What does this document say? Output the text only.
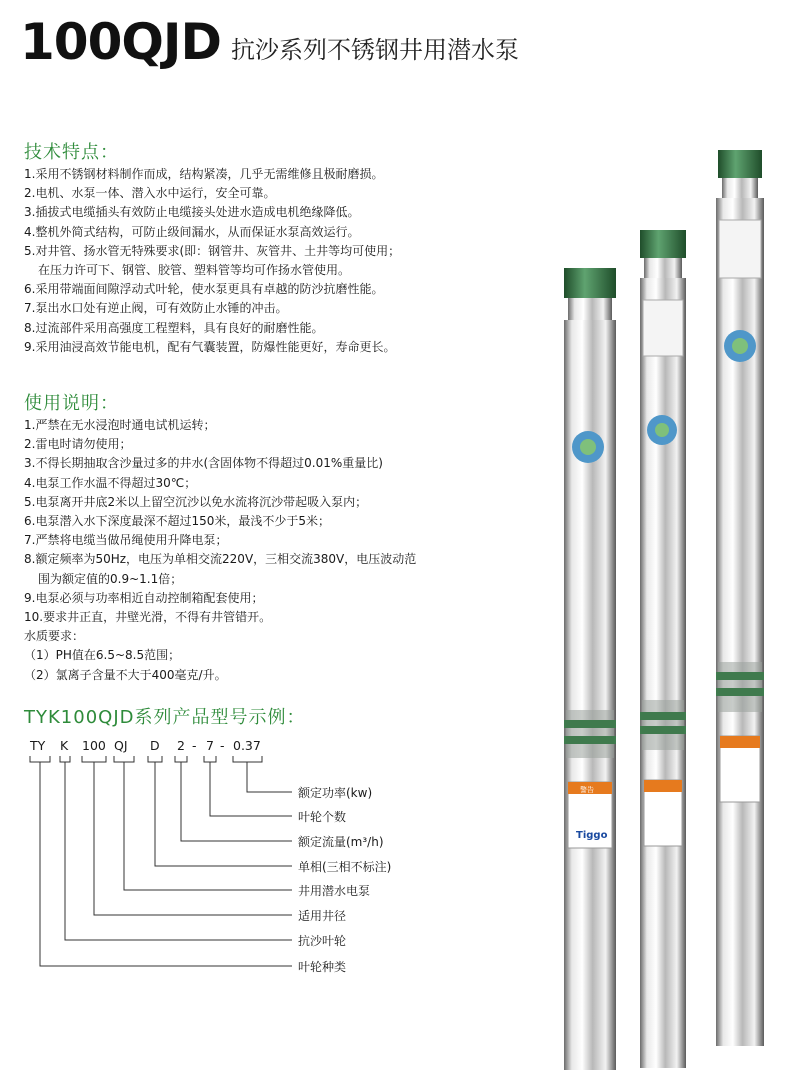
100QJD 抗沙系列不锈钢井用潜水泵
技术特点：
1.采用不锈钢材料制作而成，结构紧凑，几乎无需维修且极耐磨损。
2.电机、水泵一体、潜入水中运行，安全可靠。
3.插拔式电缆插头有效防止电缆接头处进水造成电机绝缘降低。
4.整机外简式结构，可防止级间漏水，从而保证水泵高效运行。
5.对井管、扬水管无特殊要求(即：钢管井、灰管井、土井等均可使用；
在压力许可下、钢管、胶管、塑料管等均可作扬水管使用。
6.采用带端面间隙浮动式叶轮，使水泵更具有卓越的防沙抗磨性能。
7.泵出水口处有逆止阀，可有效防止水锤的冲击。
8.过流部件采用高强度工程塑料，具有良好的耐磨性能。
9.采用油浸高效节能电机，配有气囊装置，防爆性能更好，寿命更长。
使用说明：
1.严禁在无水浸泡时通电试机运转；
2.雷电时请勿使用；
3.不得长期抽取含沙量过多的井水(含固体物不得超过0.01%重量比)
4.电泵工作水温不得超过30℃；
5.电泵离开井底2米以上留空沉沙以免水流将沉沙带起吸入泵内；
6.电泵潜入水下深度最深不超过150米，最浅不少于5米；
7.严禁将电缆当做吊绳使用升降电泵；
8.额定频率为50Hz，电压为单相交流220V，三相交流380V，电压波动范
围为额定值的0.9~1.1倍；
9.电泵必须与功率相近自动控制箱配套使用；
10.要求井正直，井壁光滑，不得有井管错开。
水质要求：
（1）PH值在6.5~8.5范围；
（2）氯离子含量不大于400毫克/升。
TYK100QJD系列产品型号示例：
TY K 100 QJ D 2 - 7 - 0.37
额定功率(kw)
叶轮个数
额定流量(m³/h)
单相(三相不标注)
井用潜水电泵
适用井径
抗沙叶轮
叶轮种类
警告
Tiggo
